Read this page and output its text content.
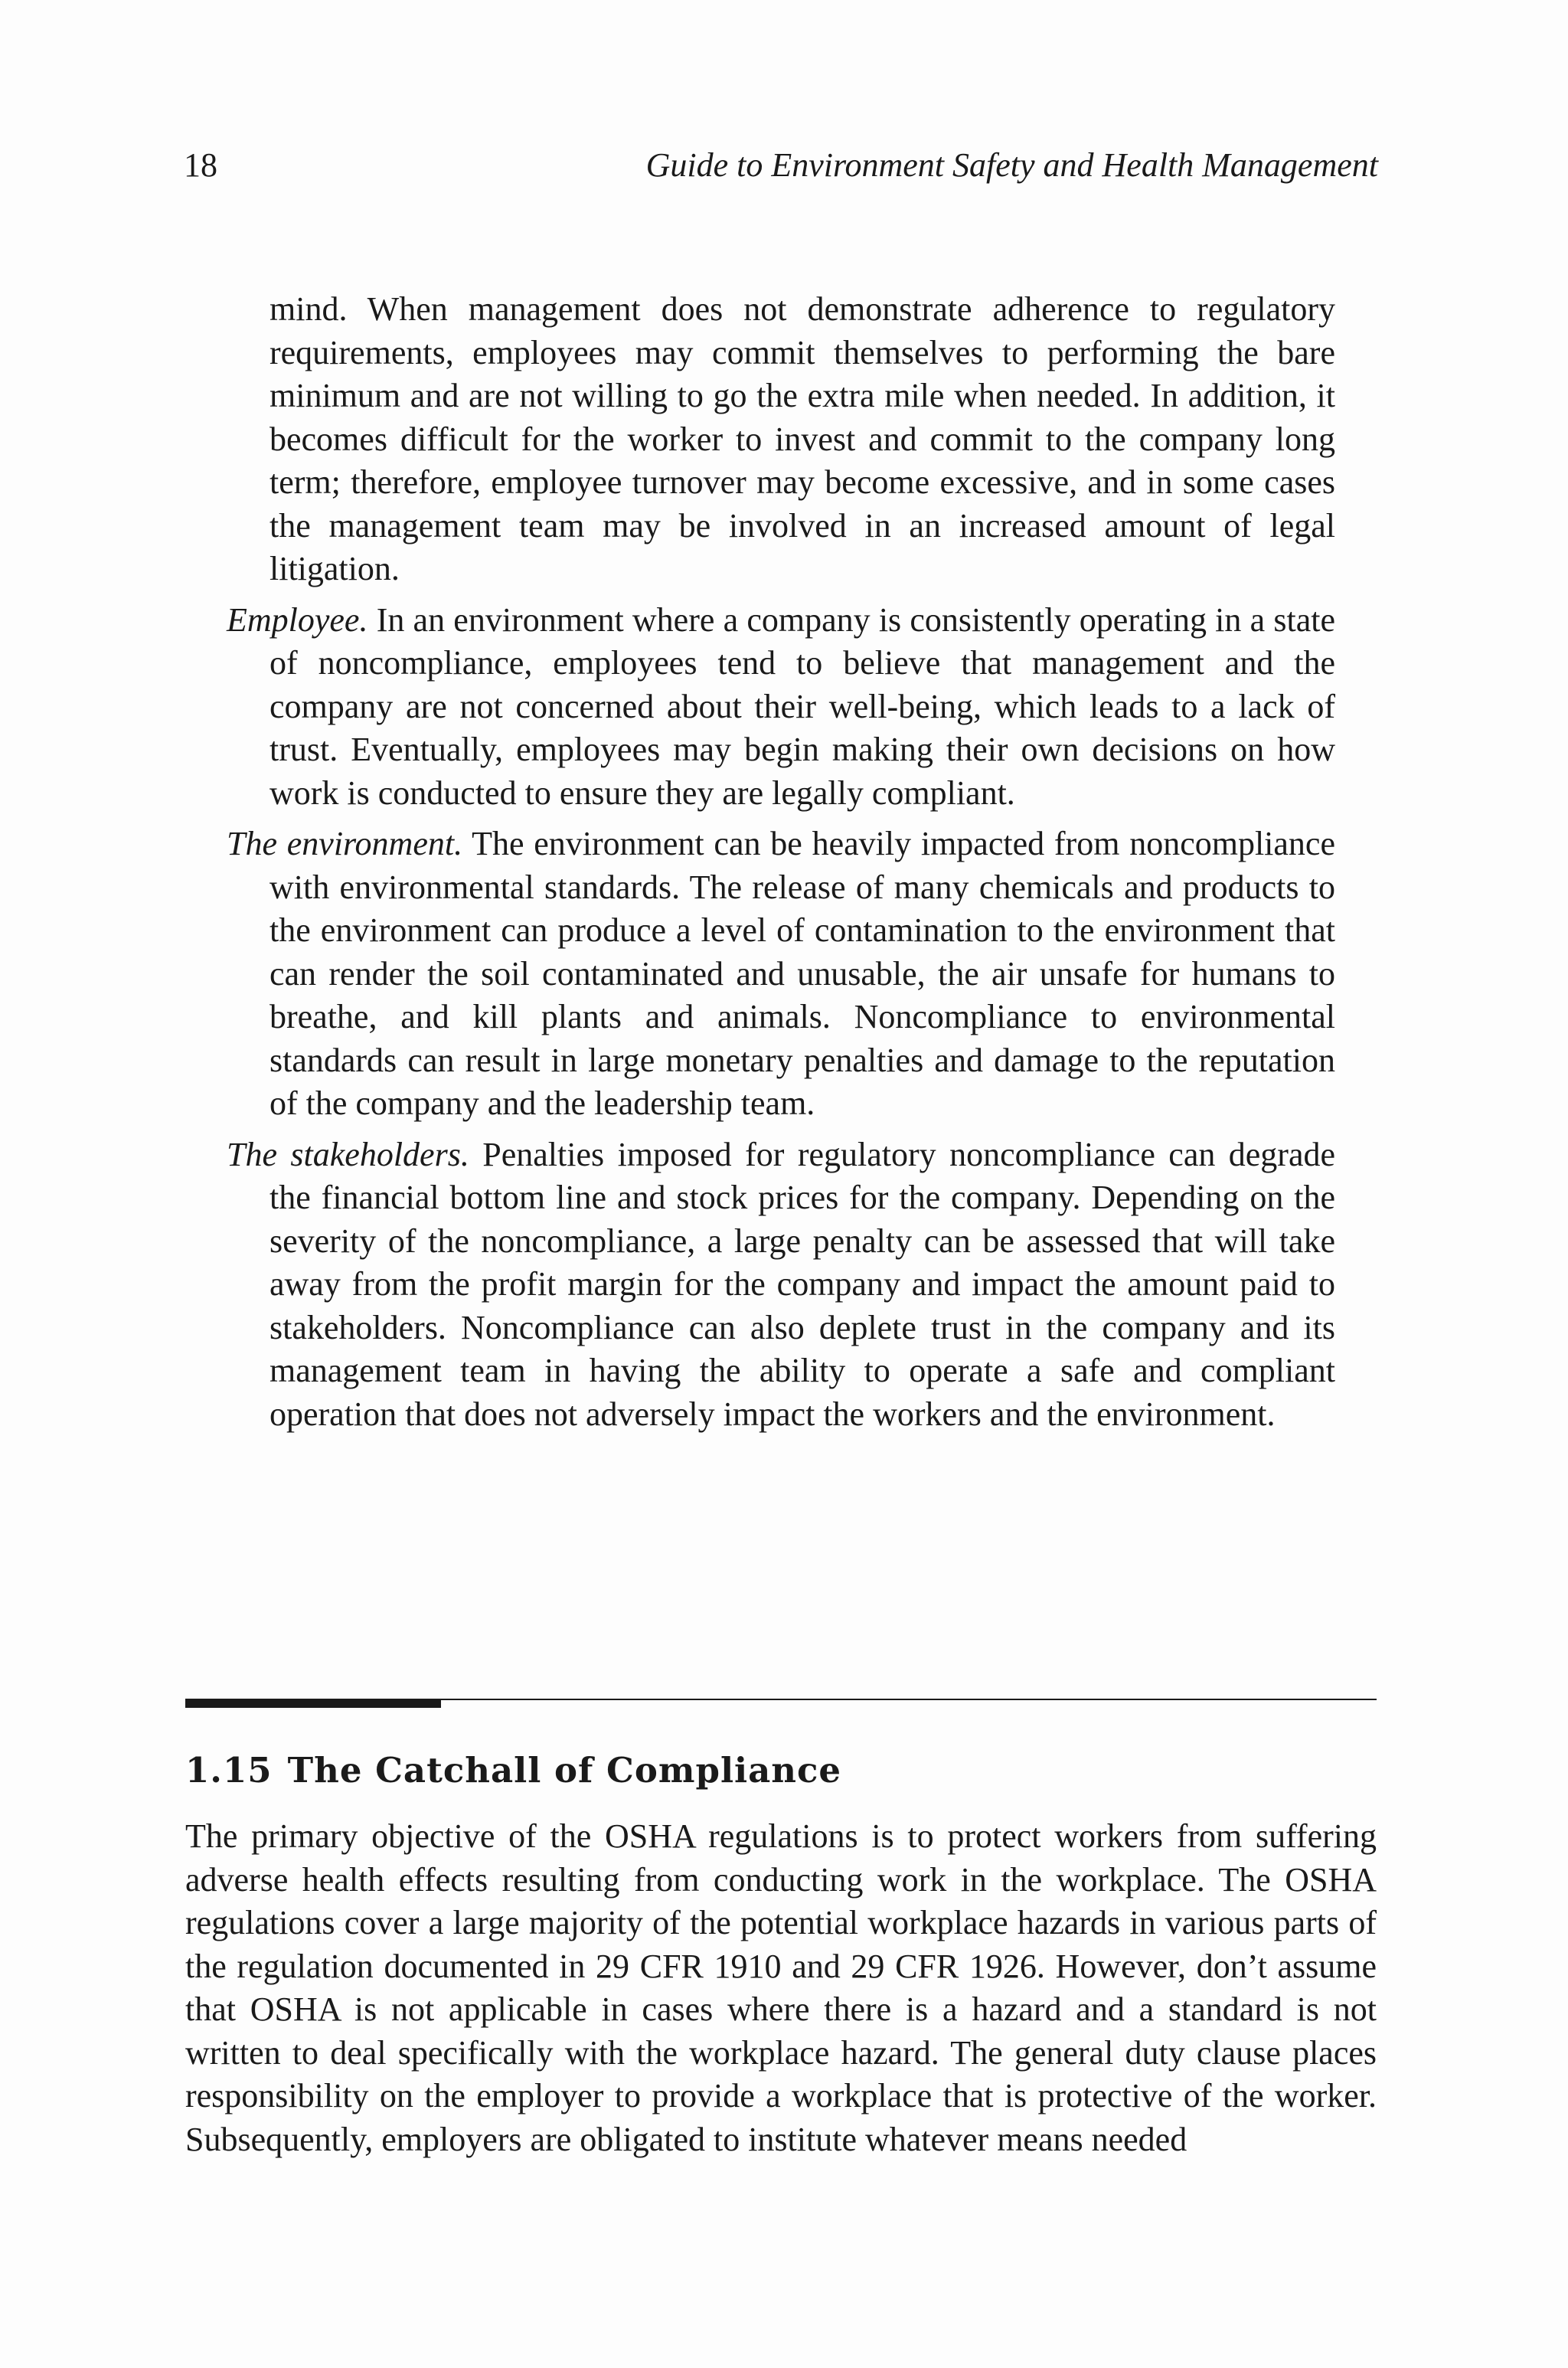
18	Guide to Environment Safety and Health Management

mind. When management does not demonstrate adherence to regulatory requirements, employees may commit themselves to performing the bare minimum and are not willing to go the extra mile when needed. In addition, it becomes difficult for the worker to invest and commit to the company long term; therefore, employee turnover may become excessive, and in some cases the management team may be involved in an increased amount of legal litigation.

Employee. In an environment where a company is consistently operating in a state of noncompliance, employees tend to believe that management and the company are not concerned about their well-being, which leads to a lack of trust. Eventually, employees may begin making their own decisions on how work is conducted to ensure they are legally compliant.

The environment. The environment can be heavily impacted from noncompliance with environmental standards. The release of many chemicals and products to the environment can produce a level of contamination to the environment that can render the soil contaminated and unusable, the air unsafe for humans to breathe, and kill plants and animals. Noncompliance to environmental standards can result in large monetary penalties and damage to the reputation of the company and the leadership team.

The stakeholders. Penalties imposed for regulatory noncompliance can degrade the financial bottom line and stock prices for the company. Depending on the severity of the noncompliance, a large penalty can be assessed that will take away from the profit margin for the company and impact the amount paid to stakeholders. Noncompliance can also deplete trust in the company and its management team in having the ability to operate a safe and compliant operation that does not adversely impact the workers and the environment.

1.15 The Catchall of Compliance

The primary objective of the OSHA regulations is to protect workers from suffering adverse health effects resulting from conducting work in the workplace. The OSHA regulations cover a large majority of the potential workplace hazards in various parts of the regulation documented in 29 CFR 1910 and 29 CFR 1926. However, don’t assume that OSHA is not applicable in cases where there is a hazard and a standard is not written to deal specifically with the workplace hazard. The general duty clause places responsibility on the employer to provide a workplace that is protective of the worker. Subsequently, employers are obligated to institute whatever means needed
